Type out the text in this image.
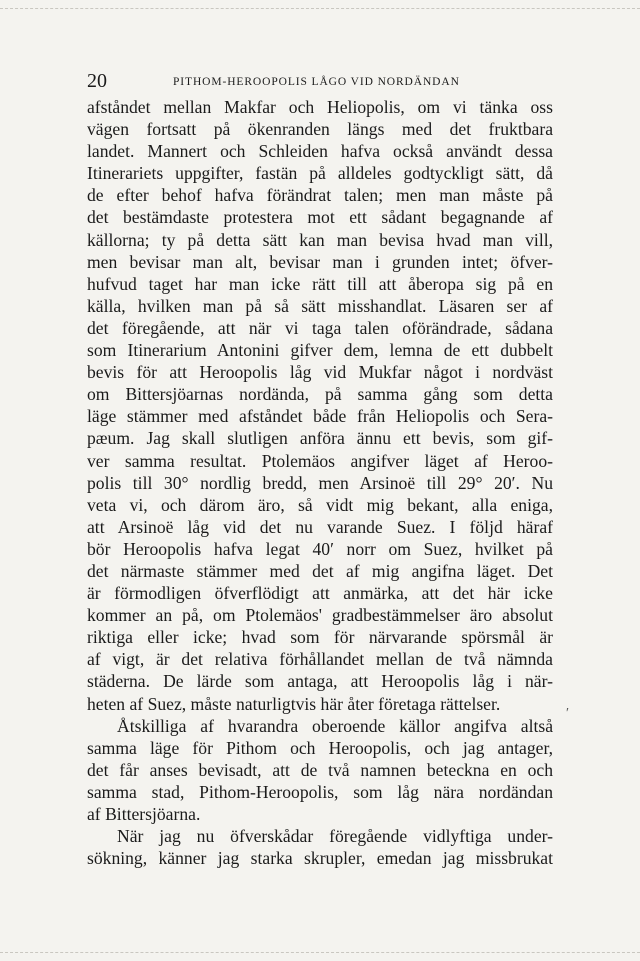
20	PITHOM-HEROOPOLIS LÅGO VID NORDÄNDAN
afståndet mellan Makfar och Heliopolis, om vi tänka oss
vägen fortsatt på ökenranden längs med det fruktbara
landet. Mannert och Schleiden hafva också användt dessa
Itinerariets uppgifter, fastän på alldeles godtyckligt sätt, då
de efter behof hafva förändrat talen; men man måste på
det bestämdaste protestera mot ett sådant begagnande af
källorna; ty på detta sätt kan man bevisa hvad man vill,
men bevisar man alt, bevisar man i grunden intet; öfver-
hufvud taget har man icke rätt till att åberopa sig på en
källa, hvilken man på så sätt misshandlat. Läsaren ser af
det föregående, att när vi taga talen oförändrade, sådana
som Itinerarium Antonini gifver dem, lemna de ett dubbelt
bevis för att Heroopolis låg vid Mukfar något i nordväst
om Bittersjöarnas nordända, på samma gång som detta
läge stämmer med afståndet både från Heliopolis och Sera-
pæum. Jag skall slutligen anföra ännu ett bevis, som gif-
ver samma resultat. Ptolemäos angifver läget af Heroo-
polis till 30° nordlig bredd, men Arsinoë till 29° 20′. Nu
veta vi, och därom äro, så vidt mig bekant, alla eniga,
att Arsinoë låg vid det nu varande Suez. I följd häraf
bör Heroopolis hafva legat 40′ norr om Suez, hvilket på
det närmaste stämmer med det af mig angifna läget. Det
är förmodligen öfverflödigt att anmärka, att det här icke
kommer an på, om Ptolemäos' gradbestämmelser äro absolut
riktiga eller icke; hvad som för närvarande spörsmål är
af vigt, är det relativa förhållandet mellan de två nämnda
städerna. De lärde som antaga, att Heroopolis låg i när-
heten af Suez, måste naturligtvis här åter företaga rättelser.
Åtskilliga af hvarandra oberoende källor angifva altså
samma läge för Pithom och Heroopolis, och jag antager,
det får anses bevisadt, att de två namnen beteckna en och
samma stad, Pithom-Heroopolis, som låg nära nordändan
af Bittersjöarna.
När jag nu öfverskådar föregående vidlyftiga under-
sökning, känner jag starka skrupler, emedan jag missbrukat
′
